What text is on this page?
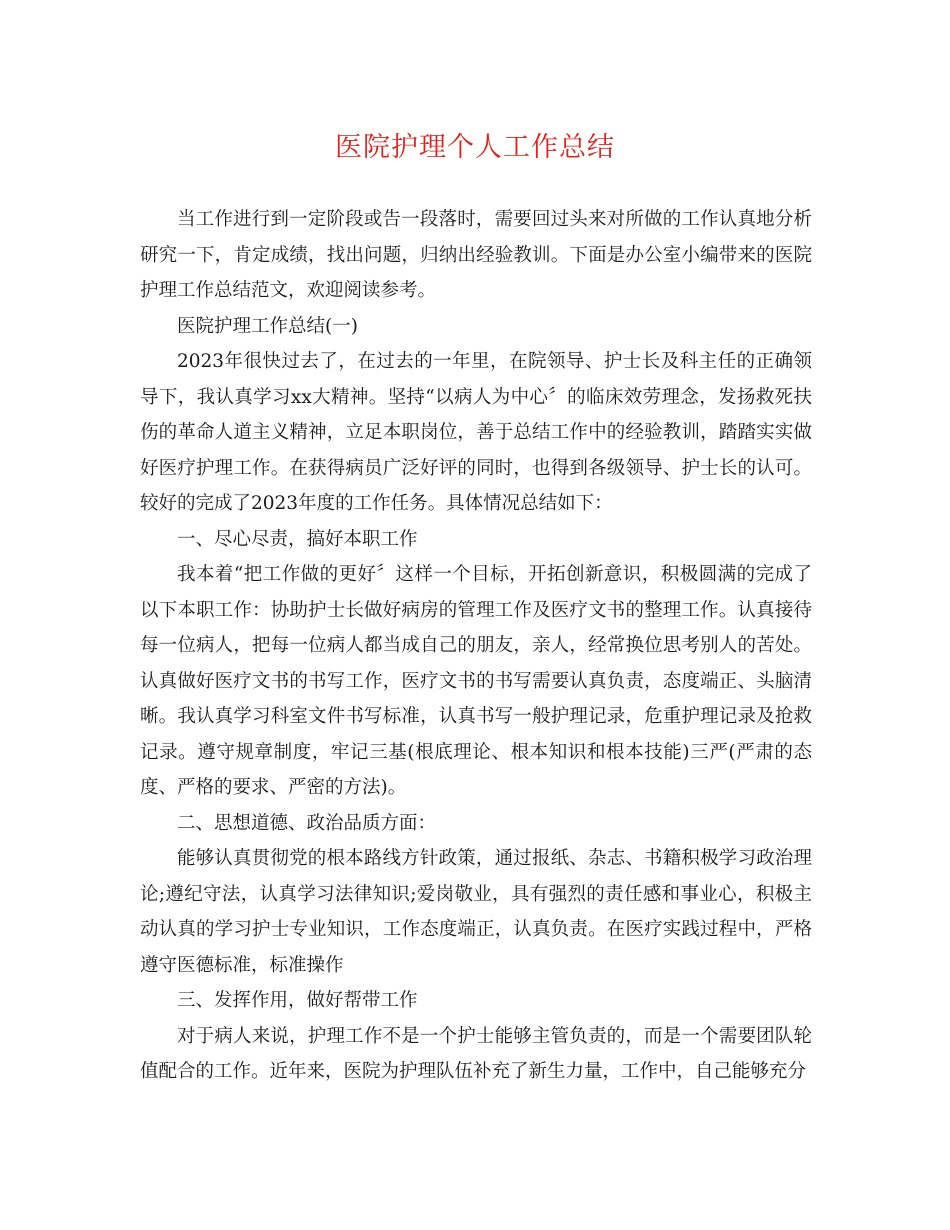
医院护理个人工作总结

当工作进行到一定阶段或告一段落时，需要回过头来对所做的工作认真地分析研究一下，肯定成绩，找出问题，归纳出经验教训。下面是办公室小编带来的医院护理工作总结范文，欢迎阅读参考。

医院护理工作总结(一)

2023年很快过去了，在过去的一年里，在院领导、护士长及科主任的正确领导下，我认真学习xx大精神。坚持“以病人为中心〞的临床效劳理念，发扬救死扶伤的革命人道主义精神，立足本职岗位，善于总结工作中的经验教训，踏踏实实做好医疗护理工作。在获得病员广泛好评的同时，也得到各级领导、护士长的认可。较好的完成了2023年度的工作任务。具体情况总结如下：

一、尽心尽责，搞好本职工作

我本着“把工作做的更好〞这样一个目标，开拓创新意识，积极圆满的完成了以下本职工作：协助护士长做好病房的管理工作及医疗文书的整理工作。认真接待每一位病人，把每一位病人都当成自己的朋友，亲人，经常换位思考别人的苦处。认真做好医疗文书的书写工作，医疗文书的书写需要认真负责，态度端正、头脑清晰。我认真学习科室文件书写标准，认真书写一般护理记录，危重护理记录及抢救记录。遵守规章制度，牢记三基(根底理论、根本知识和根本技能)三严(严肃的态度、严格的要求、严密的方法)。

二、思想道德、政治品质方面：

能够认真贯彻党的根本路线方针政策，通过报纸、杂志、书籍积极学习政治理论;遵纪守法，认真学习法律知识;爱岗敬业，具有强烈的责任感和事业心，积极主动认真的学习护士专业知识，工作态度端正，认真负责。在医疗实践过程中，严格遵守医德标准，标准操作

三、发挥作用，做好帮带工作

对于病人来说，护理工作不是一个护士能够主管负责的，而是一个需要团队轮值配合的工作。近年来，医院为护理队伍补充了新生力量，工作中，自己能够充分
